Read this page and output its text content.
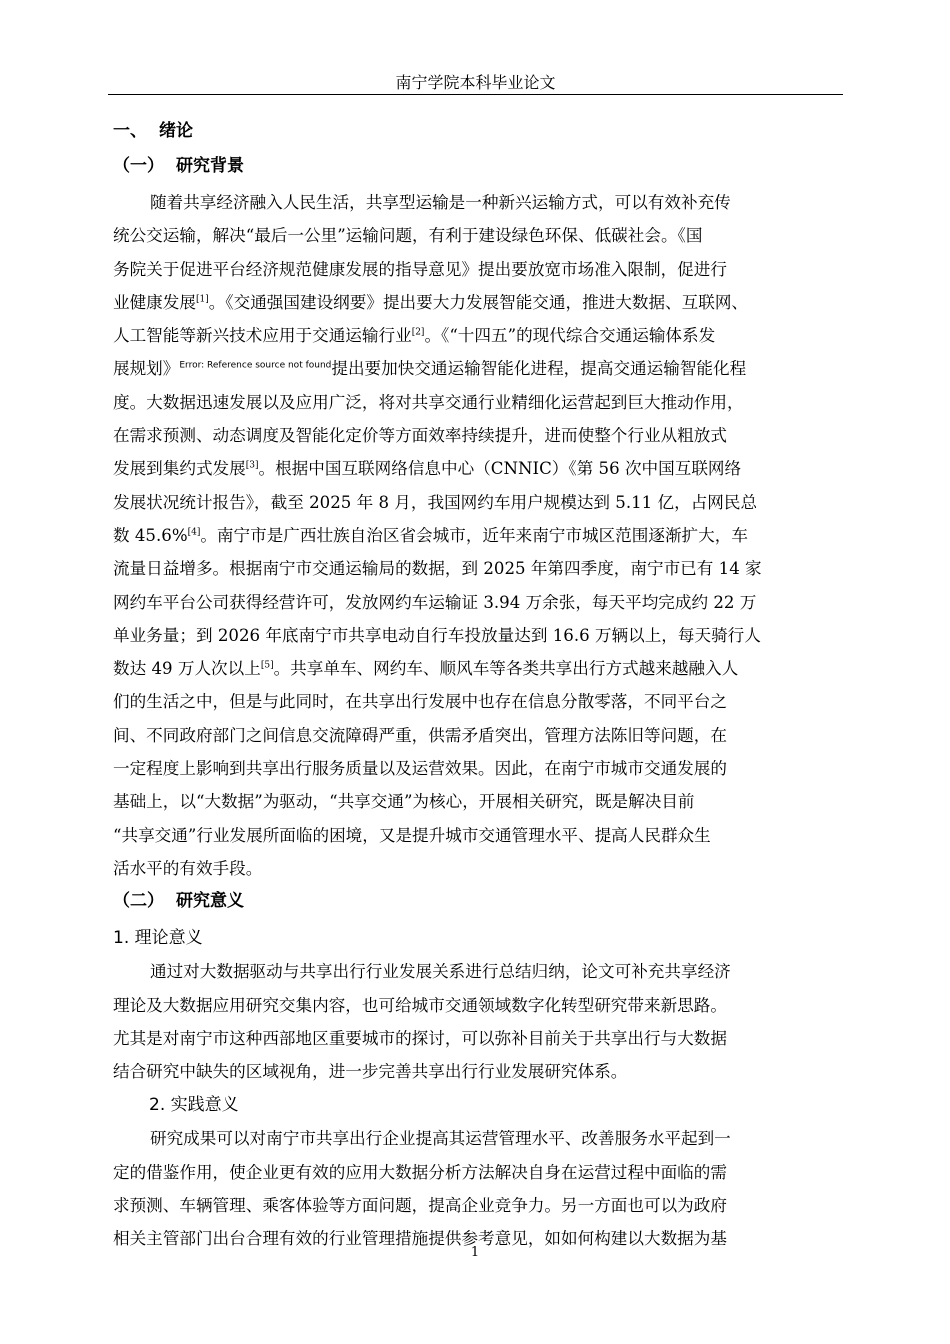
南宁学院本科毕业论文
一、 绪论
（一） 研究背景
随着共享经济融入人民生活，共享型运输是一种新兴运输方式，可以有效补充传
统公交运输，解决“最后一公里”运输问题，有利于建设绿色环保、低碳社会。《国
务院关于促进平台经济规范健康发展的指导意见》提出要放宽市场准入限制，促进行
业健康发展[1]。《交通强国建设纲要》提出要大力发展智能交通，推进大数据、互联网、
人工智能等新兴技术应用于交通运输行业[2]。《“十四五”的现代综合交通运输体系发
展规划》$^{Error: Reference source not found}$提出要加快交通运输智能化进程，提高交通运输智能化程
度。大数据迅速发展以及应用广泛，将对共享交通行业精细化运营起到巨大推动作用，
在需求预测、动态调度及智能化定价等方面效率持续提升，进而使整个行业从粗放式
发展到集约式发展[3]。根据中国互联网络信息中心（CNNIC）《第 56 次中国互联网络
发展状况统计报告》，截至 2025 年 8 月，我国网约车用户规模达到 5.11 亿，占网民总
数 45.6%[4]。南宁市是广西壮族自治区省会城市，近年来南宁市城区范围逐渐扩大，车
流量日益增多。根据南宁市交通运输局的数据，到 2025 年第四季度，南宁市已有 14 家
网约车平台公司获得经营许可，发放网约车运输证 3.94 万余张，每天平均完成约 22 万
单业务量；到 2026 年底南宁市共享电动自行车投放量达到 16.6 万辆以上，每天骑行人
数达 49 万人次以上[5]。共享单车、网约车、顺风车等各类共享出行方式越来越融入人
们的生活之中，但是与此同时，在共享出行发展中也存在信息分散零落，不同平台之
间、不同政府部门之间信息交流障碍严重，供需矛盾突出，管理方法陈旧等问题，在
一定程度上影响到共享出行服务质量以及运营效果。因此，在南宁市城市交通发展的
基础上，以“大数据”为驱动，“共享交通”为核心，开展相关研究，既是解决目前
“共享交通”行业发展所面临的困境，又是提升城市交通管理水平、提高人民群众生
活水平的有效手段。
（二） 研究意义
1. 理论意义
通过对大数据驱动与共享出行行业发展关系进行总结归纳，论文可补充共享经济
理论及大数据应用研究交集内容，也可给城市交通领域数字化转型研究带来新思路。
尤其是对南宁市这种西部地区重要城市的探讨，可以弥补目前关于共享出行与大数据
结合研究中缺失的区域视角，进一步完善共享出行行业发展研究体系。
2. 实践意义
研究成果可以对南宁市共享出行企业提高其运营管理水平、改善服务水平起到一
定的借鉴作用，使企业更有效的应用大数据分析方法解决自身在运营过程中面临的需
求预测、车辆管理、乘客体验等方面问题，提高企业竞争力。另一方面也可以为政府
相关主管部门出台合理有效的行业管理措施提供参考意见，如如何构建以大数据为基
1
